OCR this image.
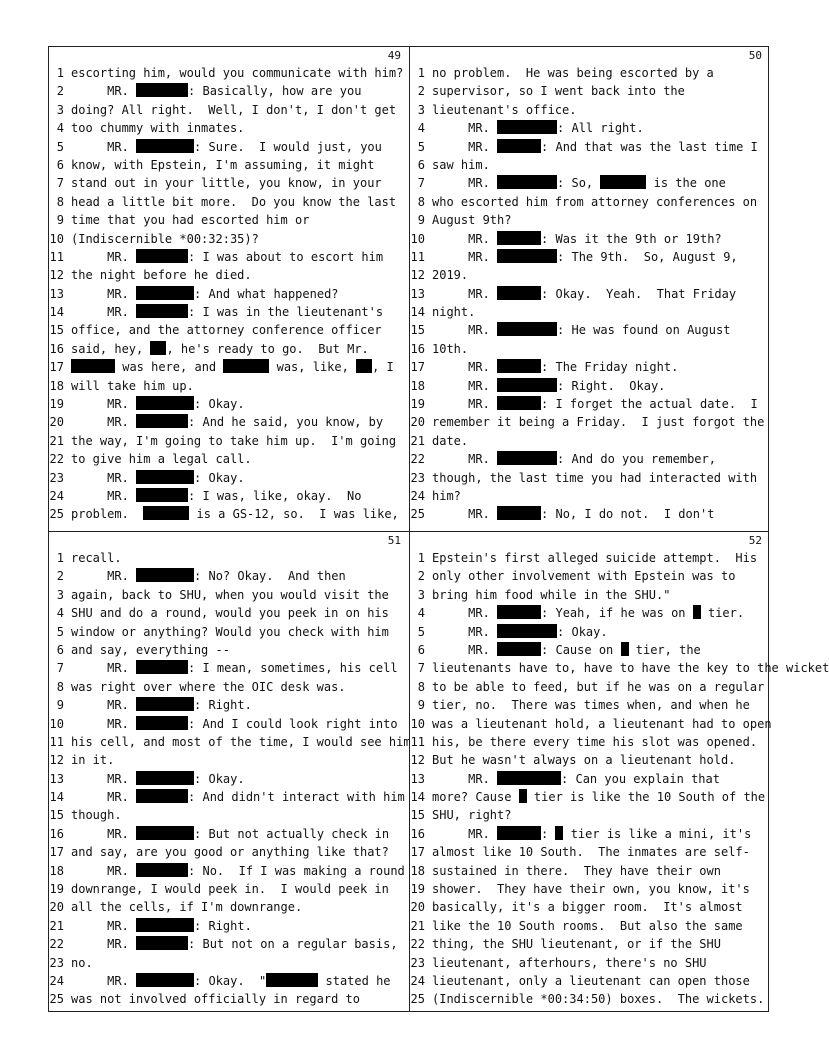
49
1 escorting him, would you communicate with him?
2 MR.	: Basically, how are you
3 doing? All right.  Well, I don't, I don't get
4 too chummy with inmates.
5 MR.	: Sure.  I would just, you
6 know, with Epstein, I'm assuming, it might
7 stand out in your little, you know, in your
8 head a little bit more.  Do you know the last
9 time that you had escorted him or
10 (Indiscernible *00:32:35)?
11 MR.	: I was about to escort him
12 the night before he died.
13 MR.	: And what happened?
14 MR.	: I was in the lieutenant's
15 office, and the attorney conference officer
16 said, hey, , he's ready to go.  But Mr.
17	was here, and	was, like, , I
18 will take him up.
19 MR.	: Okay.
20 MR.	: And he said, you know, by
21 the way, I'm going to take him up.  I'm going
22 to give him a legal call.
23 MR.	: Okay.
24 MR.	: I was, like, okay.  No
25 problem.	is a GS-12, so.  I was like,
50
1 no problem.  He was being escorted by a
2 supervisor, so I went back into the
3 lieutenant's office.
4 MR.	: All right.
5 MR.	: And that was the last time I
6 saw him.
7 MR.	: So,	is the one
8 who escorted him from attorney conferences on
9 August 9th?
10 MR.	: Was it the 9th or 19th?
11 MR.	: The 9th.  So, August 9,
12 2019.
13 MR.	: Okay.  Yeah.  That Friday
14 night.
15 MR.	: He was found on August
16 10th.
17 MR.	: The Friday night.
18 MR.	: Right.  Okay.
19 MR.	: I forget the actual date.  I
20 remember it being a Friday.  I just forgot the
21 date.
22 MR.	: And do you remember,
23 though, the last time you had interacted with
24 him?
25 MR.	: No, I do not.  I don't
51
1 recall.
2 MR.	: No? Okay.  And then
3 again, back to SHU, when you would visit the
4 SHU and do a round, would you peek in on his
5 window or anything? Would you check with him
6 and say, everything --
7 MR.	: I mean, sometimes, his cell
8 was right over where the OIC desk was.
9 MR.	: Right.
10 MR.	: And I could look right into
11 his cell, and most of the time, I would see him
12 in it.
13 MR.	: Okay.
14 MR.	: And didn't interact with him
15 though.
16 MR.	: But not actually check in
17 and say, are you good or anything like that?
18 MR.	: No.  If I was making a round
19 downrange, I would peek in.  I would peek in
20 all the cells, if I'm downrange.
21 MR.	: Right.
22 MR.	: But not on a regular basis,
23 no.
24 MR.	: Okay.  "	stated he
25 was not involved officially in regard to
52
1 Epstein's first alleged suicide attempt.  His
2 only other involvement with Epstein was to
3 bring him food while in the SHU."
4 MR.	: Yeah, if he was on  tier.
5 MR.	: Okay.
6 MR.	: Cause on  tier, the
7 lieutenants have to, have to have the key to the wicket
8 to be able to feed, but if he was on a regular
9 tier, no.  There was times when, and when he
10 was a lieutenant hold, a lieutenant had to open
11 his, be there every time his slot was opened.
12 But he wasn't always on a lieutenant hold.
13 MR.	: Can you explain that
14 more? Cause  tier is like the 10 South of the
15 SHU, right?
16 MR.	:  tier is like a mini, it's
17 almost like 10 South.  The inmates are self-
18 sustained in there.  They have their own
19 shower.  They have their own, you know, it's
20 basically, it's a bigger room.  It's almost
21 like the 10 South rooms.  But also the same
22 thing, the SHU lieutenant, or if the SHU
23 lieutenant, afterhours, there's no SHU
24 lieutenant, only a lieutenant can open those
25 (Indiscernible *00:34:50) boxes.  The wickets.
